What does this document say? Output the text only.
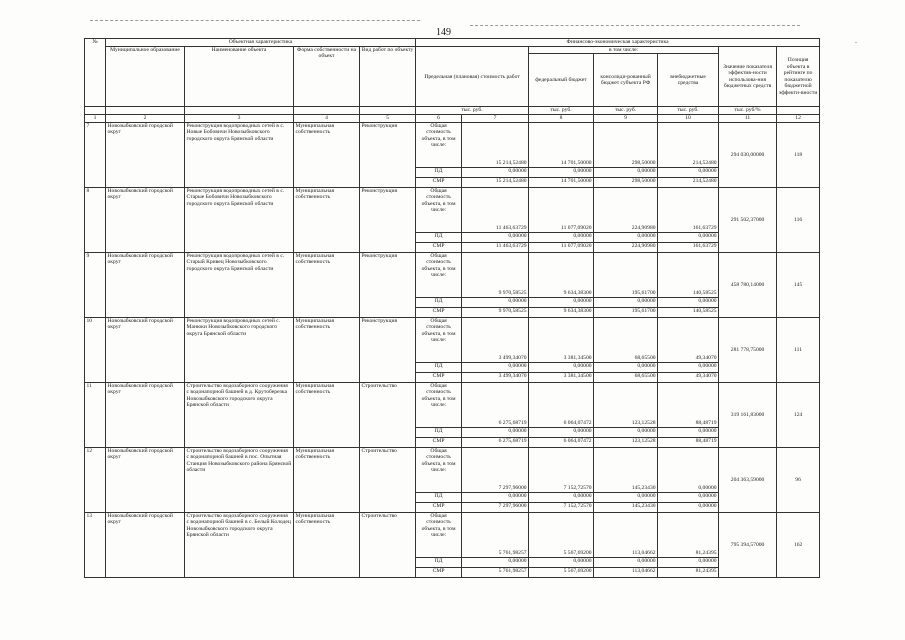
149
-
№	Объектная характеристика				Финансово-экономическая характеристика						
	Муниципальное образование	Наименование объекта	Форма собственности на объект	Вид работ по объекту	Предельная (плановая) стоимость работ		в том числе:			Значение показателя эффектив-ности использова-ния бюджетных средств	Позиция объекта в рейтинге по показателю бюджетной эффекти-вности
							федеральный бюджет	консолиди-рованный бюджет субъекта РФ	внебюджетные средства		
					тыс. руб.		тыс. руб.	тыс. руб.	тыс. руб.	тыс. руб/%	
1	2	3	4	5	6	7	8	9	10	11	12
7	Новозыбковский городской округ	Реконструкция водопроводных сетей в с. Новые Бобовичи Новозыбковского городского округа Брянской области	Муниципальная собственность	Реконструкция	Общая стоимость объекта, в том числе:	15 214,52480	14 701,50000	298,50000	214,52480	294 030,00000	118
					ПД	0,00000	0,00000	0,00000	0,00000		
					СМР	15 214,52480	14 701,50000	298,50000	214,52480		
8	Новозыбковский городской округ	Реконструкция водопроводных сетей в с. Старые Бобовичи Новозыбковского городского округа Брянской области	Муниципальная собственность	Реконструкция	Общая стоимость объекта, в том числе:	11 463,63729	11 077,09020	224,90980	161,63729	291 502,37000	116
					ПД	0,00000	0,00000	0,00000	0,00000		
					СМР	11 463,63729	11 077,09020	224,90980	161,63729		
9	Новозыбковский городской округ	Реконструкция водопроводных сетей в с. Старый Кривец Новозыбковского городского округа Брянской области	Муниципальная собственность	Реконструкция	Общая стоимость объекта, в том числе:	9 970,58525	9 634,38300	195,61700	140,58525	458 780,14000	145
					ПД	0,00000	0,00000	0,00000	0,00000		
					СМР	9 970,58525	9 634,38300	195,61700	140,58525		
10	Новозыбковский городской округ	Реконструкция водопроводных сетей с. Манюки Новозыбковского городского округа Брянской области	Муниципальная собственность	Реконструкция	Общая стоимость объекта, в том числе:	3 499,34070	3 381,34500	68,65500	49,34070	281 778,75000	111
					ПД	0,00000	0,00000	0,00000	0,00000		
					СМР	3 499,34070	3 381,34500	68,65500	49,34070		
11	Новозыбковский городской округ	Строительство водозаборного сооружения с водонапорной башней в д. Крутоберезка Новозыбковского городского округа Брянской области	Муниципальная собственность	Строительство	Общая стоимость объекта, в том числе:	6 275,68719	6 064,07472	123,12528	88,48719	319 161,83000	124
					ПД	0,00000	0,00000	0,00000	0,00000		
					СМР	6 275,68719	6 064,07472	123,12528	88,48719		
12	Новозыбковский городской округ	Строительство водозаборного сооружения с водонапорной башней в пос. Опытная Станция Новозыбковского района Брянской области	Муниципальная собственность	Строительство	Общая стоимость объекта, в том числе:	7 297,96000	7 152,72570	145,23430	0,00000	204 363,59000	96
					ПД	0,00000	0,00000	0,00000	0,00000		
					СМР	7 297,96000	7 152,72570	145,23430	0,00000		
13	Новозыбковский городской округ	Строительство водозаборного сооружения с водонапорной башней в с. Белый Колодец Новозыбковского городского округа Брянской области	Муниципальная собственность	Строительство	Общая стоимость объекта, в том числе:	5 761,98257	5 567,69200	113,04662	81,24395	795 394,57000	162
					ПД	0,00000	0,00000	0,00000	0,00000		
					СМР	5 761,98257	5 567,69200	113,04662	81,24395		
